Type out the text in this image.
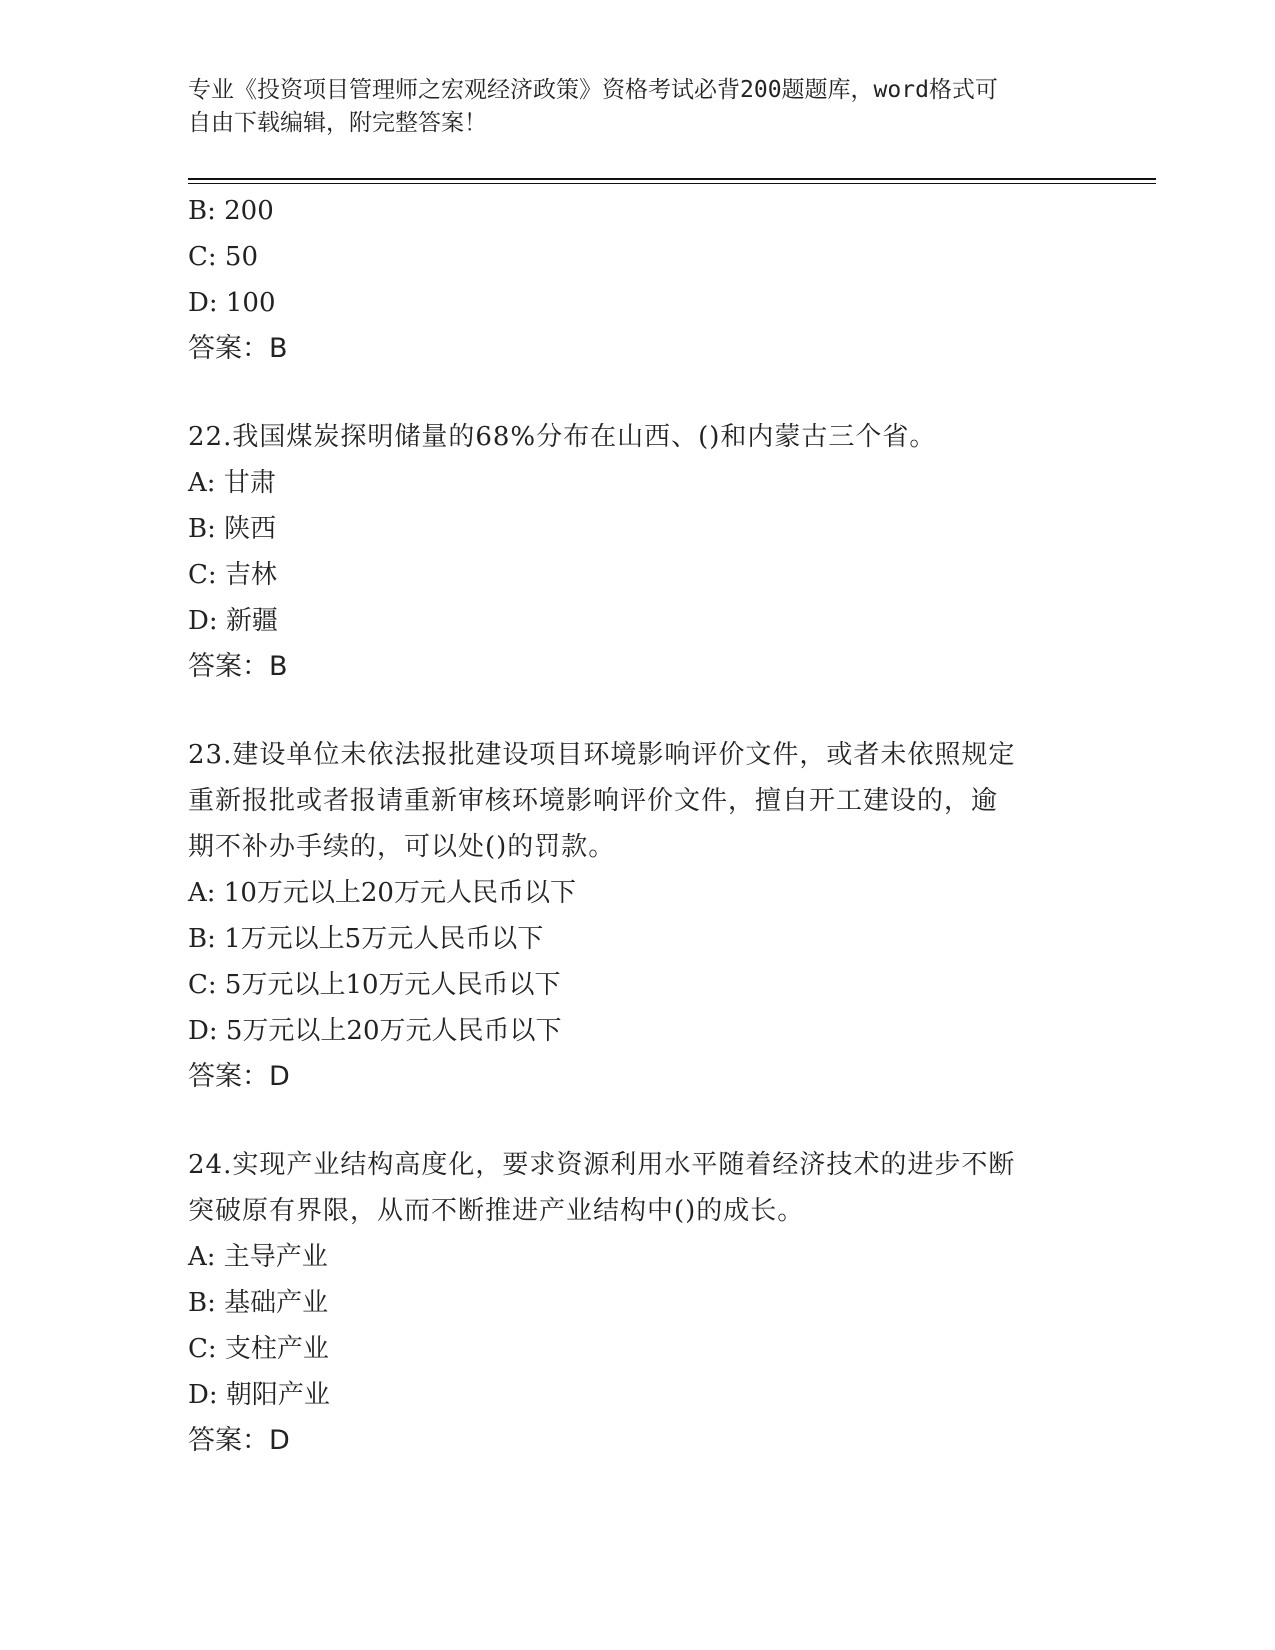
专业《投资项目管理师之宏观经济政策》资格考试必背200题题库，word格式可
自由下载编辑，附完整答案！
B: 200
C: 50
D: 100
答案：B
22.我国煤炭探明储量的68%分布在山西、()和内蒙古三个省。
A: 甘肃
B: 陕西
C: 吉林
D: 新疆
答案：B
23.建设单位未依法报批建设项目环境影响评价文件，或者未依照规定
重新报批或者报请重新审核环境影响评价文件，擅自开工建设的，逾
期不补办手续的，可以处()的罚款。
A: 10万元以上20万元人民币以下
B: 1万元以上5万元人民币以下
C: 5万元以上10万元人民币以下
D: 5万元以上20万元人民币以下
答案：D
24.实现产业结构高度化，要求资源利用水平随着经济技术的进步不断
突破原有界限，从而不断推进产业结构中()的成长。
A: 主导产业
B: 基础产业
C: 支柱产业
D: 朝阳产业
答案：D
